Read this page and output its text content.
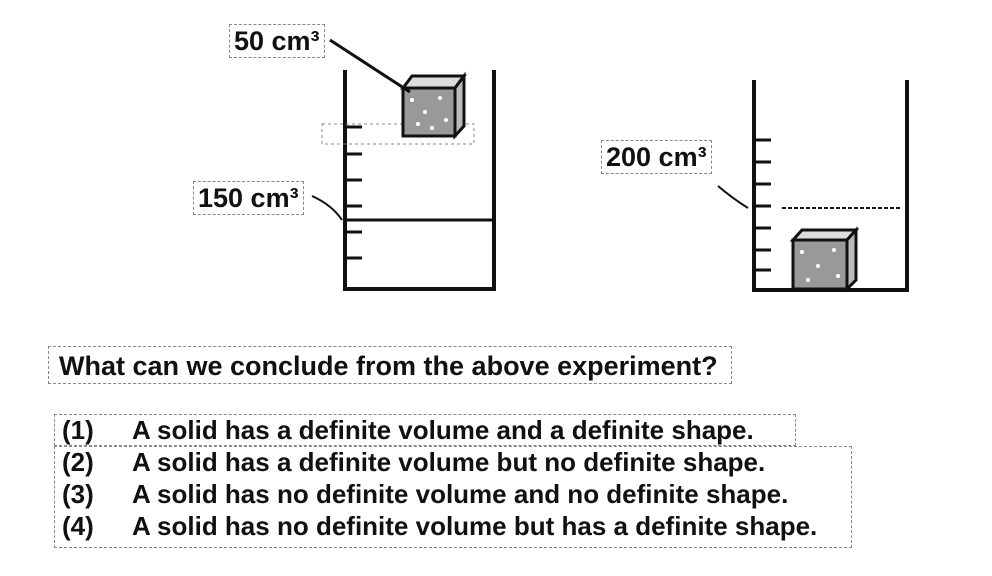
50 cm³
150 cm³
200 cm³
What can we conclude from the above experiment?
(1)	A solid has a definite volume and a definite shape.
(2)	A solid has a definite volume but no definite shape.
(3)	A solid has no definite volume and no definite shape.
(4)	A solid has no definite volume but has a definite shape.
